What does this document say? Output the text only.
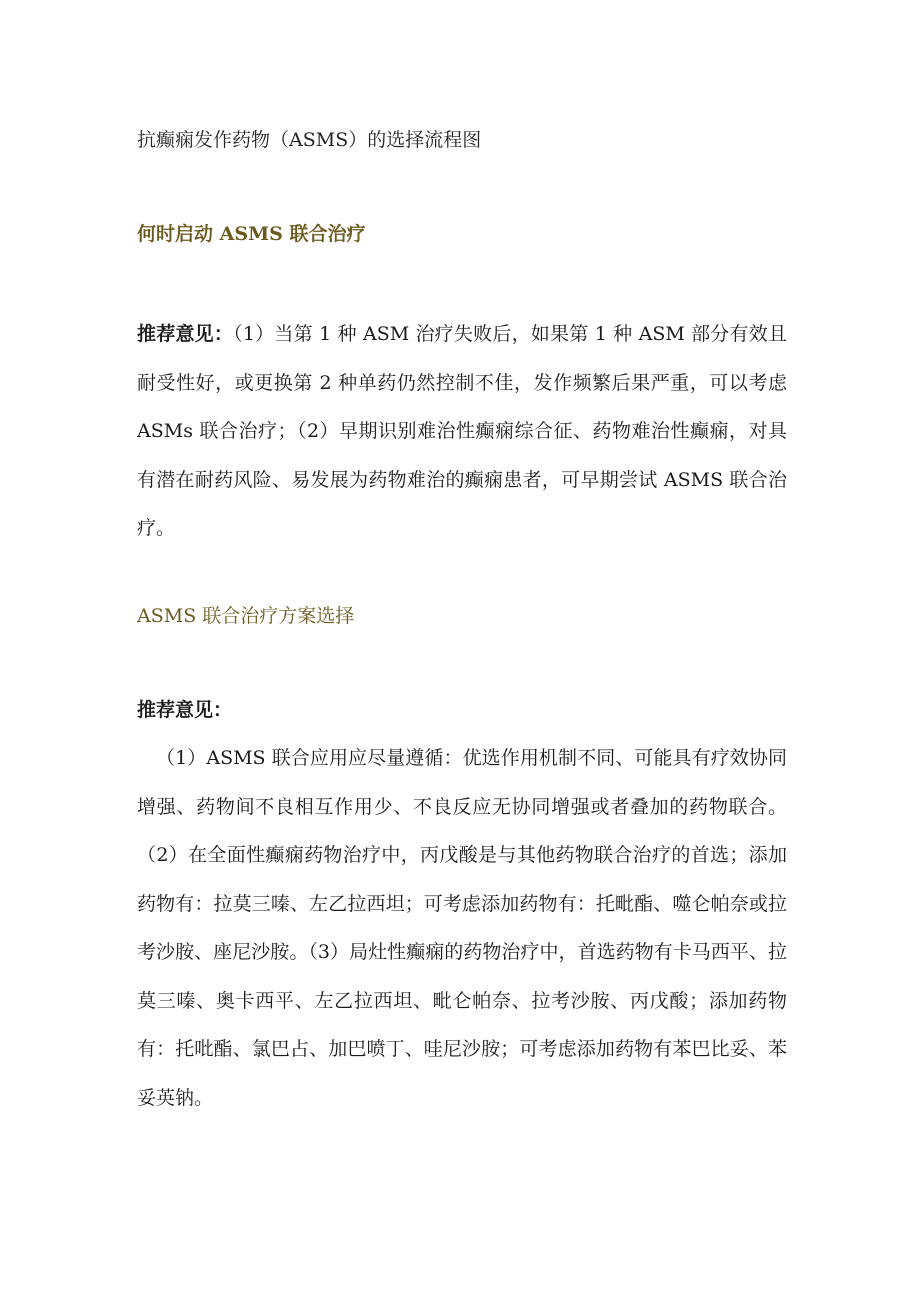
抗癫痫发作药物（ASMS）的选择流程图
何时启动 ASMS 联合治疗
推荐意见：（1）当第 1 种 ASM 治疗失败后，如果第 1 种 ASM 部分有效且耐受性好，或更换第 2 种单药仍然控制不佳，发作频繁后果严重，可以考虑 ASMs 联合治疗；（2）早期识别难治性癫痫综合征、药物难治性癫痫，对具有潜在耐药风险、易发展为药物难治的癫痫患者，可早期尝试 ASMS 联合治疗。
ASMS 联合治疗方案选择
推荐意见：
（1）ASMS 联合应用应尽量遵循：优选作用机制不同、可能具有疗效协同增强、药物间不良相互作用少、不良反应无协同增强或者叠加的药物联合。（2）在全面性癫痫药物治疗中，丙戊酸是与其他药物联合治疗的首选；添加药物有：拉莫三嗪、左乙拉西坦；可考虑添加药物有：托毗酯、噬仑帕奈或拉考沙胺、座尼沙胺。（3）局灶性癫痫的药物治疗中，首选药物有卡马西平、拉莫三嗪、奥卡西平、左乙拉西坦、毗仑帕奈、拉考沙胺、丙戊酸；添加药物有：托吡酯、氯巴占、加巴喷丁、哇尼沙胺；可考虑添加药物有苯巴比妥、苯妥英钠。
